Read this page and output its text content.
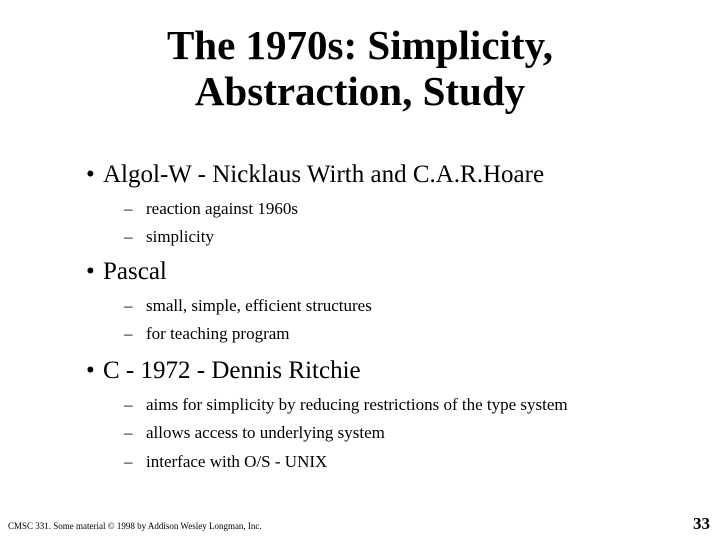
The 1970s: Simplicity,
Abstraction, Study
• Algol-W - Nicklaus Wirth and C.A.R.Hoare
– reaction against 1960s
– simplicity
• Pascal
– small, simple, efficient structures
– for teaching program
• C - 1972 - Dennis Ritchie
– aims for simplicity by reducing restrictions of the type system
– allows access to underlying system
– interface with O/S - UNIX
CMSC 331. Some material © 1998 by Addison Wesley Longman, Inc.	33
